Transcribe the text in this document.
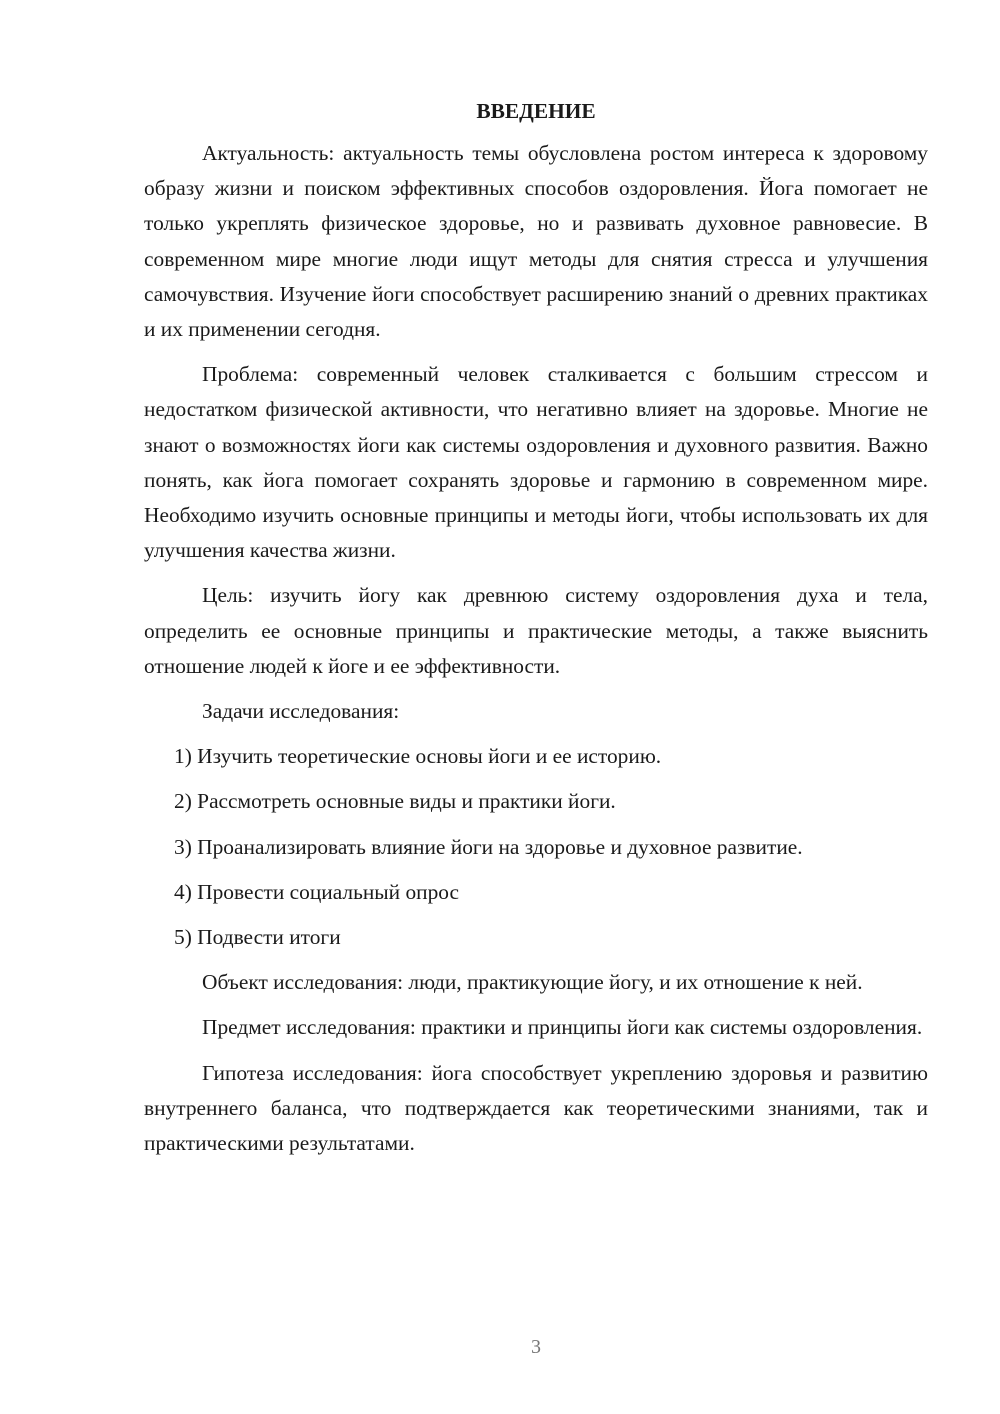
ВВЕДЕНИЕ

Актуальность: актуальность темы обусловлена ростом интереса к здоровому образу жизни и поиском эффективных способов оздоровления. Йога помогает не только укреплять физическое здоровье, но и развивать духовное равновесие. В современном мире многие люди ищут методы для снятия стресса и улучшения самочувствия. Изучение йоги способствует расширению знаний о древних практиках и их применении сегодня.

Проблема: современный человек сталкивается с большим стрессом и недостатком физической активности, что негативно влияет на здоровье. Многие не знают о возможностях йоги как системы оздоровления и духовного развития. Важно понять, как йога помогает сохранять здоровье и гармонию в современном мире. Необходимо изучить основные принципы и методы йоги, чтобы использовать их для улучшения качества жизни.

Цель: изучить йогу как древнюю систему оздоровления духа и тела, определить ее основные принципы и практические методы, а также выяснить отношение людей к йоге и ее эффективности.

Задачи исследования:

1) Изучить теоретические основы йоги и ее историю.
2) Рассмотреть основные виды и практики йоги.
3) Проанализировать влияние йоги на здоровье и духовное развитие.
4) Провести социальный опрос
5) Подвести итоги

Объект исследования: люди, практикующие йогу, и их отношение к ней.

Предмет исследования: практики и принципы йоги как системы оздоровления.

Гипотеза исследования: йога способствует укреплению здоровья и развитию внутреннего баланса, что подтверждается как теоретическими знаниями, так и практическими результатами.

3
